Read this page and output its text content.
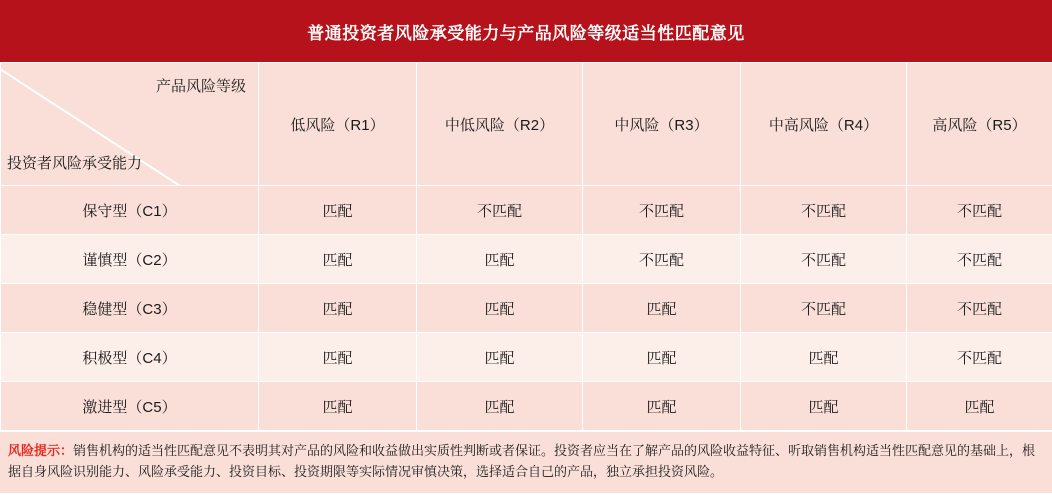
普通投资者风险承受能力与产品风险等级适当性匹配意见
产品风险等级
投资者风险承受能力	低风险（R1）	中低风险（R2）	中风险（R3）	中高风险（R4）	高风险（R5）
保守型（C1）	匹配	不匹配	不匹配	不匹配	不匹配
谨慎型（C2）	匹配	匹配	不匹配	不匹配	不匹配
稳健型（C3）	匹配	匹配	匹配	不匹配	不匹配
积极型（C4）	匹配	匹配	匹配	匹配	不匹配
激进型（C5）	匹配	匹配	匹配	匹配	匹配
风险提示：销售机构的适当性匹配意见不表明其对产品的风险和收益做出实质性判断或者保证。投资者应当在了解产品的风险收益特征、听取销售机构适当性匹配意见的基础上，根据自身风险识别能力、风险承受能力、投资目标、投资期限等实际情况审慎决策，选择适合自己的产品，独立承担投资风险。
